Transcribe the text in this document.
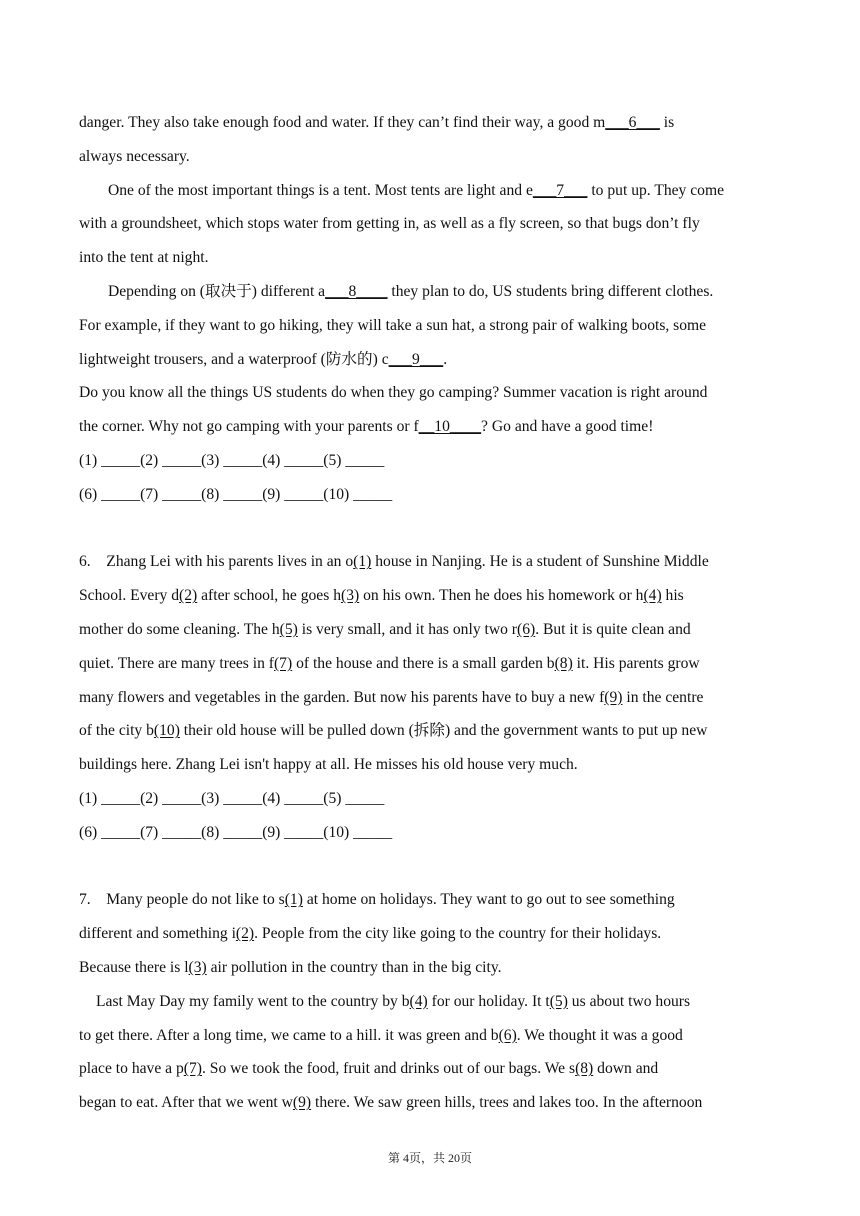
danger. They also take enough food and water. If they can’t find their way, a good m___6___ is
always necessary.
One of the most important things is a tent. Most tents are light and e___7___ to put up. They come
with a groundsheet, which stops water from getting in, as well as a fly screen, so that bugs don’t fly
into the tent at night.
Depending on (取决于) different a___8____ they plan to do, US students bring different clothes.
For example, if they want to go hiking, they will take a sun hat, a strong pair of walking boots, some
lightweight trousers, and a waterproof (防水的) c___9___.
Do you know all the things US students do when they go camping? Summer vacation is right around
the corner. Why not go camping with your parents or f__10____? Go and have a good time!
(1) _____(2) _____(3) _____(4) _____(5) _____
(6) _____(7) _____(8) _____(9) _____(10) _____
6. Zhang Lei with his parents lives in an o(1) house in Nanjing. He is a student of Sunshine Middle
School. Every d(2) after school, he goes h(3) on his own. Then he does his homework or h(4) his
mother do some cleaning. The h(5) is very small, and it has only two r(6). But it is quite clean and
quiet. There are many trees in f(7) of the house and there is a small garden b(8) it. His parents grow
many flowers and vegetables in the garden. But now his parents have to buy a new f(9) in the centre
of the city b(10) their old house will be pulled down (拆除) and the government wants to put up new
buildings here. Zhang Lei isn't happy at all. He misses his old house very much.
(1) _____(2) _____(3) _____(4) _____(5) _____
(6) _____(7) _____(8) _____(9) _____(10) _____
7. Many people do not like to s(1) at home on holidays. They want to go out to see something
different and something i(2). People from the city like going to the country for their holidays.
Because there is l(3) air pollution in the country than in the big city.
Last May Day my family went to the country by b(4) for our holiday. It t(5) us about two hours
to get there. After a long time, we came to a hill. it was green and b(6). We thought it was a good
place to have a p(7). So we took the food, fruit and drinks out of our bags. We s(8) down and
began to eat. After that we went w(9) there. We saw green hills, trees and lakes too. In the afternoon
第 4页，共 20页
